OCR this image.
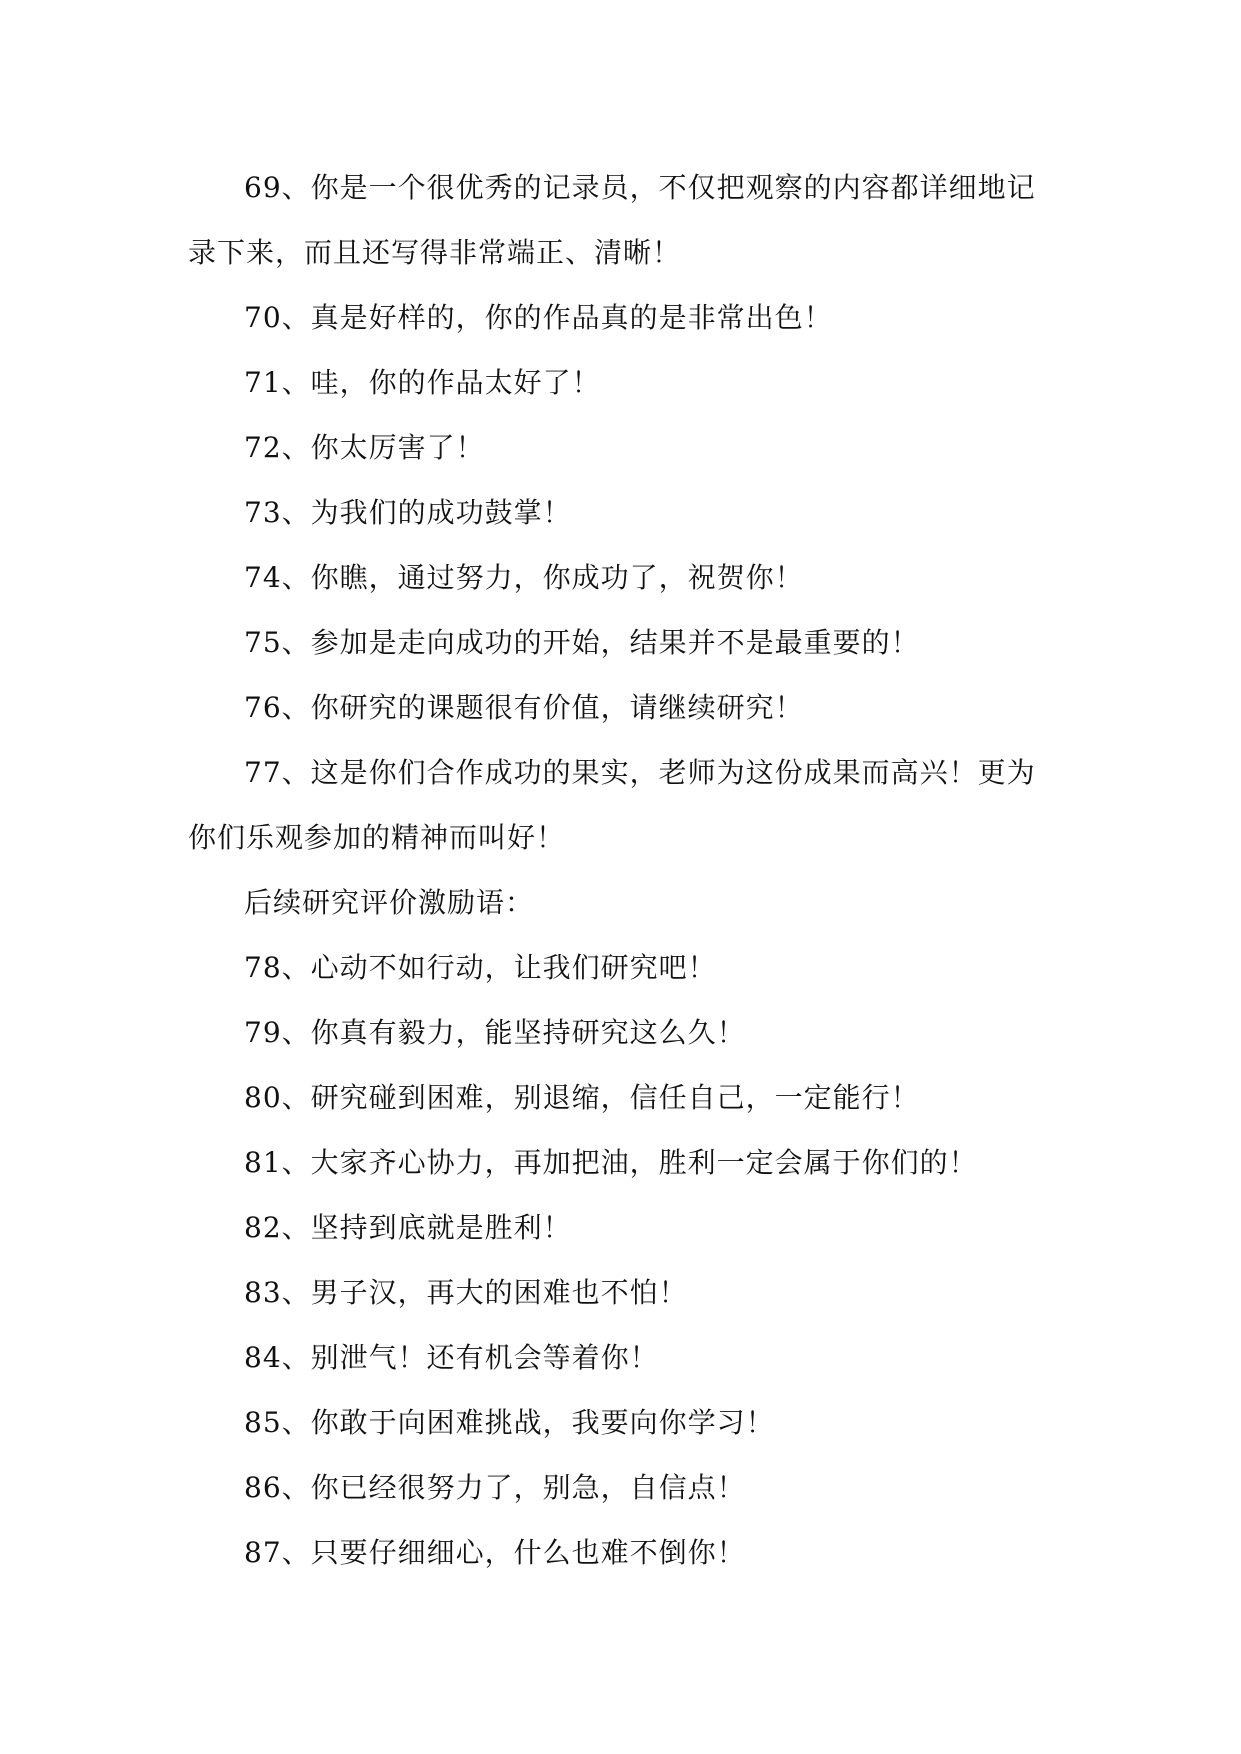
69、你是一个很优秀的记录员，不仅把观察的内容都详细地记录下来，而且还写得非常端正、清晰！

70、真是好样的，你的作品真的是非常出色！

71、哇，你的作品太好了！

72、你太厉害了！

73、为我们的成功鼓掌！

74、你瞧，通过努力，你成功了，祝贺你！

75、参加是走向成功的开始，结果并不是最重要的！

76、你研究的课题很有价值，请继续研究！

77、这是你们合作成功的果实，老师为这份成果而高兴！更为你们乐观参加的精神而叫好！

后续研究评价激励语：

78、心动不如行动，让我们研究吧！

79、你真有毅力，能坚持研究这么久！

80、研究碰到困难，别退缩，信任自己，一定能行！

81、大家齐心协力，再加把油，胜利一定会属于你们的！

82、坚持到底就是胜利！

83、男子汉，再大的困难也不怕！

84、别泄气！还有机会等着你！

85、你敢于向困难挑战，我要向你学习！

86、你已经很努力了，别急，自信点！

87、只要仔细细心，什么也难不倒你！
